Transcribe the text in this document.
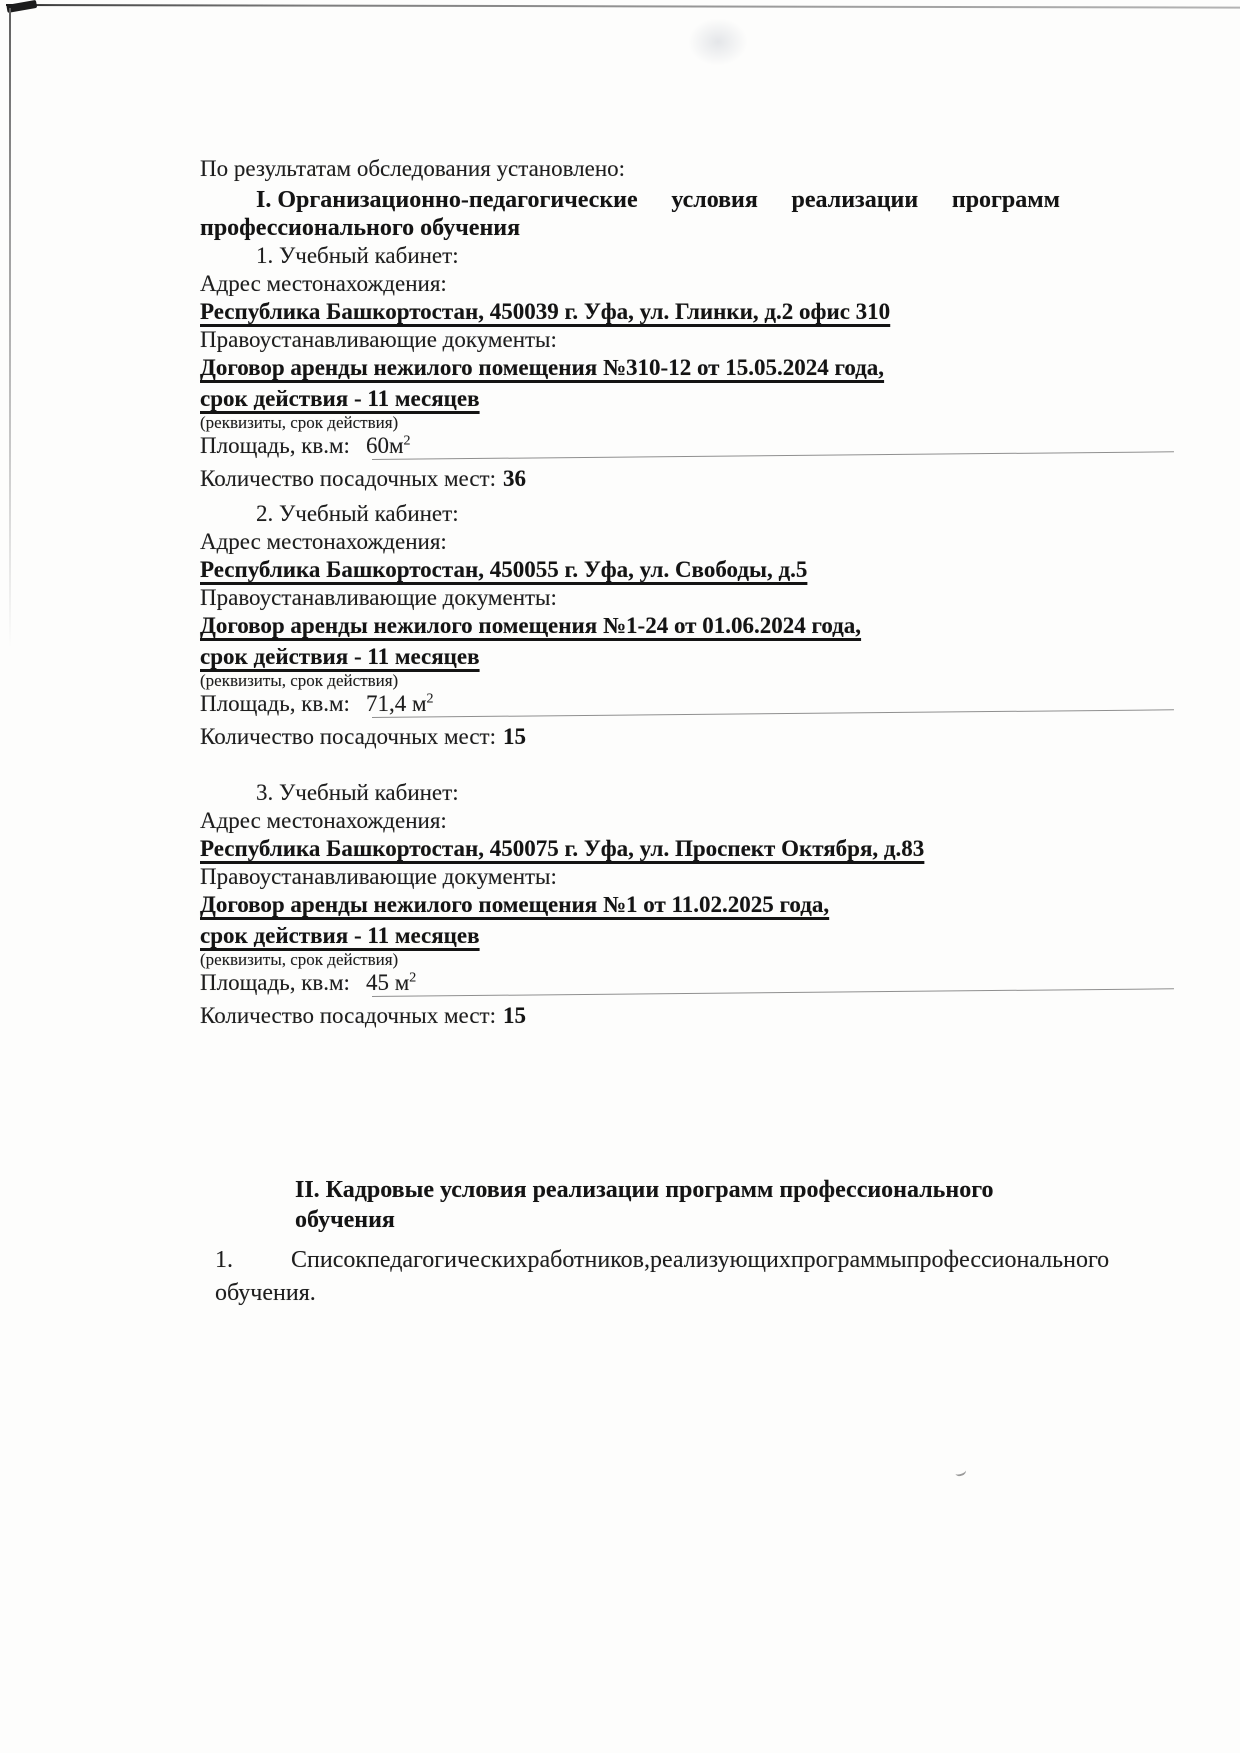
По результатам обследования установлено:

I. Организационно-педагогические условия реализации программ

профессионального обучения

1. Учебный кабинет:

Адрес местонахождения:

Республика Башкортостан, 450039 г. Уфа, ул. Глинки, д.2 офис 310

Правоустанавливающие документы:

Договор аренды нежилого помещения №310-12 от 15.05.2024 года,

срок действия - 11 месяцев

(реквизиты, срок действия)

Площадь, кв.м: $60м^2$

Количество посадочных мест: 36

2. Учебный кабинет:

Адрес местонахождения:

Республика Башкортостан, 450055 г. Уфа, ул. Свободы, д.5

Правоустанавливающие документы:

Договор аренды нежилого помещения №1-24 от 01.06.2024 года,

срок действия - 11 месяцев

(реквизиты, срок действия)

Площадь, кв.м: 71,4 $м^2$

Количество посадочных мест: 15

3. Учебный кабинет:

Адрес местонахождения:

Республика Башкортостан, 450075 г. Уфа, ул. Проспект Октября, д.83

Правоустанавливающие документы:

Договор аренды нежилого помещения №1 от 11.02.2025 года,

срок действия - 11 месяцев

(реквизиты, срок действия)

Площадь, кв.м: 45 $м^2$

Количество посадочных мест: 15

II. Кадровые условия реализации программ профессионального обучения

1. Список педагогических работников, реализующих программы профессионального

обучения.
